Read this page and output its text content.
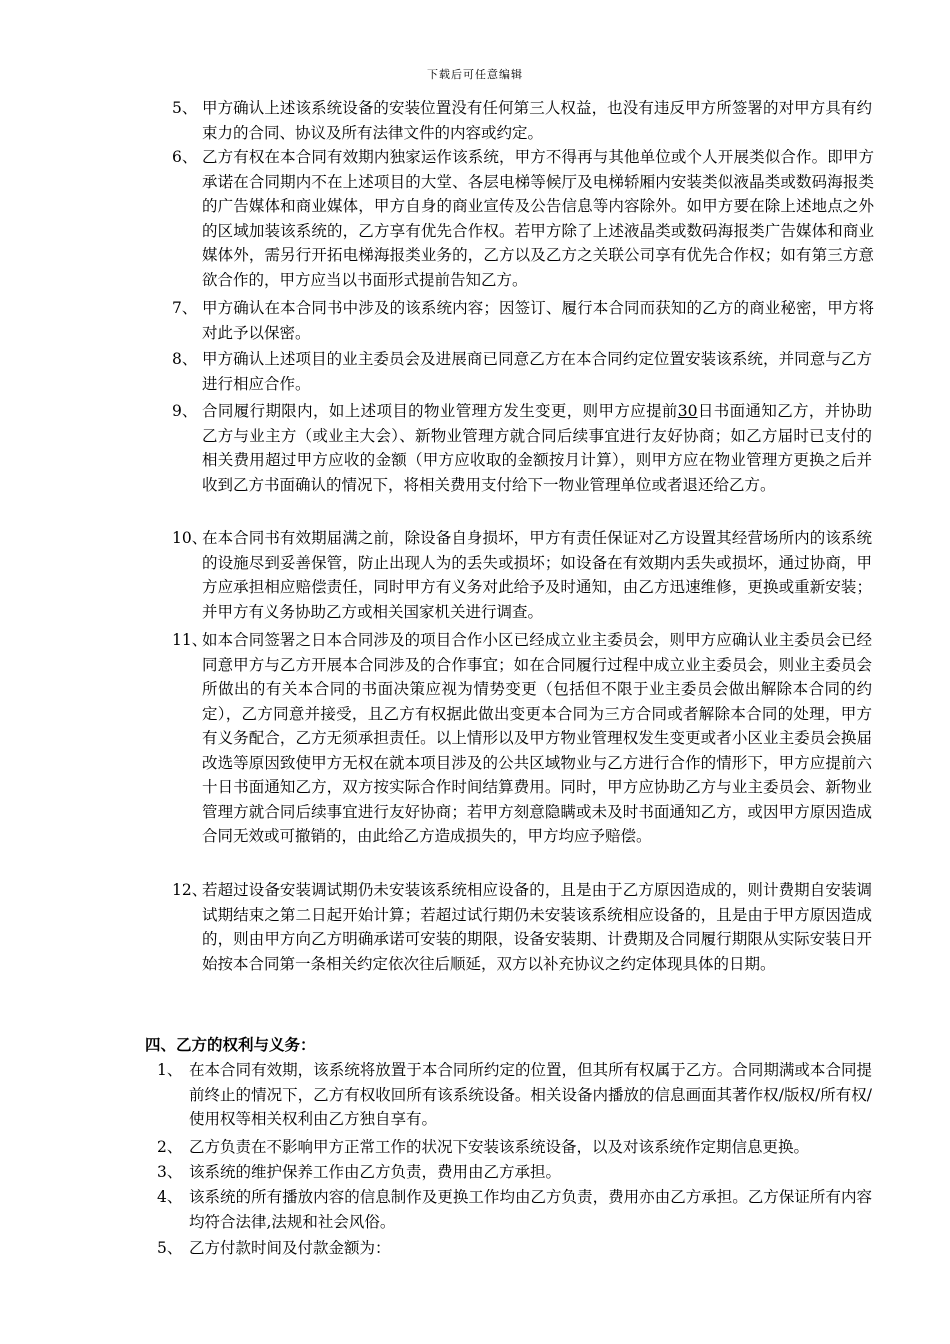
下载后可任意编辑
5、 甲方确认上述该系统设备的安装位置没有任何第三人权益，也没有违反甲方所签署的对甲方具有约束力的合同、协议及所有法律文件的内容或约定。
6、 乙方有权在本合同有效期内独家运作该系统，甲方不得再与其他单位或个人开展类似合作。即甲方承诺在合同期内不在上述项目的大堂、各层电梯等候厅及电梯轿厢内安装类似液晶类或数码海报类的广告媒体和商业媒体，甲方自身的商业宣传及公告信息等内容除外。如甲方要在除上述地点之外的区域加装该系统的，乙方享有优先合作权。若甲方除了上述液晶类或数码海报类广告媒体和商业媒体外，需另行开拓电梯海报类业务的，乙方以及乙方之关联公司享有优先合作权；如有第三方意欲合作的，甲方应当以书面形式提前告知乙方。
7、 甲方确认在本合同书中涉及的该系统内容；因签订、履行本合同而获知的乙方的商业秘密，甲方将对此予以保密。
8、 甲方确认上述项目的业主委员会及进展商已同意乙方在本合同约定位置安装该系统，并同意与乙方进行相应合作。
9、 合同履行期限内，如上述项目的物业管理方发生变更，则甲方应提前30日书面通知乙方，并协助乙方与业主方（或业主大会）、新物业管理方就合同后续事宜进行友好协商；如乙方届时已支付的相关费用超过甲方应收的金额（甲方应收取的金额按月计算），则甲方应在物业管理方更换之后并收到乙方书面确认的情况下，将相关费用支付给下一物业管理单位或者退还给乙方。
10、
在本合同书有效期届满之前，除设备自身损坏，甲方有责任保证对乙方设置其经营场所内的该系统的设施尽到妥善保管，防止出现人为的丢失或损坏；如设备在有效期内丢失或损坏，通过协商，甲方应承担相应赔偿责任，同时甲方有义务对此给予及时通知，由乙方迅速维修，更换或重新安装；并甲方有义务协助乙方或相关国家机关进行调查。
11、
如本合同签署之日本合同涉及的项目合作小区已经成立业主委员会，则甲方应确认业主委员会已经同意甲方与乙方开展本合同涉及的合作事宜；如在合同履行过程中成立业主委员会，则业主委员会所做出的有关本合同的书面决策应视为情势变更（包括但不限于业主委员会做出解除本合同的约定），乙方同意并接受，且乙方有权据此做出变更本合同为三方合同或者解除本合同的处理，甲方有义务配合，乙方无须承担责任。以上情形以及甲方物业管理权发生变更或者小区业主委员会换届改选等原因致使甲方无权在就本项目涉及的公共区域物业与乙方进行合作的情形下，甲方应提前六十日书面通知乙方，双方按实际合作时间结算费用。同时，甲方应协助乙方与业主委员会、新物业管理方就合同后续事宜进行友好协商；若甲方刻意隐瞒或未及时书面通知乙方，或因甲方原因造成合同无效或可撤销的，由此给乙方造成损失的，甲方均应予赔偿。
12、
若超过设备安装调试期仍未安装该系统相应设备的，且是由于乙方原因造成的，则计费期自安装调试期结束之第二日起开始计算；若超过试行期仍未安装该系统相应设备的，且是由于甲方原因造成的，则由甲方向乙方明确承诺可安装的期限，设备安装期、计费期及合同履行期限从实际安装日开始按本合同第一条相关约定依次往后顺延，双方以补充协议之约定体现具体的日期。
四、乙方的权利与义务：
1、 在本合同有效期，该系统将放置于本合同所约定的位置，但其所有权属于乙方。合同期满或本合同提前终止的情况下，乙方有权收回所有该系统设备。相关设备内播放的信息画面其著作权/版权/所有权/使用权等相关权利由乙方独自享有。
2、 乙方负责在不影响甲方正常工作的状况下安装该系统设备，以及对该系统作定期信息更换。
3、 该系统的维护保养工作由乙方负责，费用由乙方承担。
4、 该系统的所有播放内容的信息制作及更换工作均由乙方负责，费用亦由乙方承担。乙方保证所有内容均符合法律,法规和社会风俗。
5、 乙方付款时间及付款金额为：
